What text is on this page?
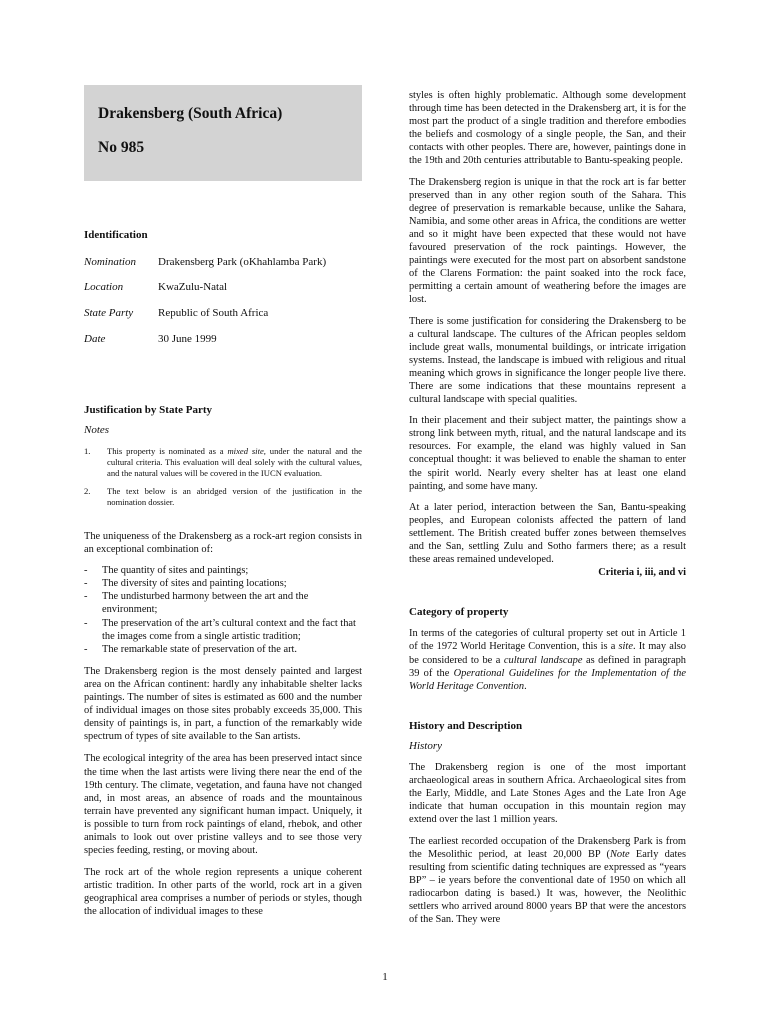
Drakensberg (South Africa)
No 985
Identification
Nomination Drakensberg Park (oKhahlamba Park)
Location	KwaZulu-Natal
State Party Republic of South Africa
Date	30 June 1999

Justification by State Party

Notes

1. This property is nominated as a mixed site, under the natural and the cultural criteria. This evaluation will deal solely with the cultural values, and the natural values will be covered in the IUCN evaluation.
2. The text below is an abridged version of the justification in the nomination dossier.

The uniqueness of the Drakensberg as a rock-art region consists in an exceptional combination of:

- The quantity of sites and paintings;
- The diversity of sites and painting locations;
- The undisturbed harmony between the art and the environment;
- The preservation of the art’s cultural context and the fact that the images come from a single artistic tradition;
- The remarkable state of preservation of the art.

The Drakensberg region is the most densely painted and largest area on the African continent: hardly any inhabitable shelter lacks paintings. The number of sites is estimated as 600 and the number of individual images on those sites probably exceeds 35,000. This density of paintings is, in part, a function of the remarkably wide spectrum of types of site available to the San artists.

The ecological integrity of the area has been preserved intact since the time when the last artists were living there near the end of the 19th century. The climate, vegetation, and fauna have not changed and, in most areas, an absence of roads and the mountainous terrain have prevented any significant human impact. Uniquely, it is possible to turn from rock paintings of eland, rhebok, and other animals to look out over pristine valleys and to see those very species feeding, resting, or moving about.

The rock art of the whole region represents a unique coherent artistic tradition. In other parts of the world, rock art in a given geographical area comprises a number of periods or styles, though the allocation of individual images to these

styles is often highly problematic. Although some development through time has been detected in the Drakensberg art, it is for the most part the product of a single tradition and therefore embodies the beliefs and cosmology of a single people, the San, and their contacts with other peoples. There are, however, paintings done in the 19th and 20th centuries attributable to Bantu-speaking people.

The Drakensberg region is unique in that the rock art is far better preserved than in any other region south of the Sahara. This degree of preservation is remarkable because, unlike the Sahara, Namibia, and some other areas in Africa, the conditions are wetter and so it might have been expected that these would not have favoured preservation of the rock paintings. However, the paintings were executed for the most part on absorbent sandstone of the Clarens Formation: the paint soaked into the rock face, permitting a certain amount of weathering before the images are lost.

There is some justification for considering the Drakensberg to be a cultural landscape. The cultures of the African peoples seldom include great walls, monumental buildings, or intricate irrigation systems. Instead, the landscape is imbued with religious and ritual meaning which grows in significance the longer people live there. There are some indications that these mountains represent a cultural landscape with special qualities.

In their placement and their subject matter, the paintings show a strong link between myth, ritual, and the natural landscape and its resources. For example, the eland was highly valued in San conceptual thought: it was believed to enable the shaman to enter the spirit world. Nearly every shelter has at least one eland painting, and some have many.

At a later period, interaction between the San, Bantu-speaking peoples, and European colonists affected the pattern of land settlement. The British created buffer zones between themselves and the San, settling Zulu and Sotho farmers there; as a result these areas remained undeveloped.

Criteria i, iii, and vi

Category of property

In terms of the categories of cultural property set out in Article 1 of the 1972 World Heritage Convention, this is a site. It may also be considered to be a cultural landscape as defined in paragraph 39 of the Operational Guidelines for the Implementation of the World Heritage Convention.

History and Description

History

The Drakensberg region is one of the most important archaeological areas in southern Africa. Archaeological sites from the Early, Middle, and Late Stones Ages and the Late Iron Age indicate that human occupation in this mountain region may extend over the last 1 million years.

The earliest recorded occupation of the Drakensberg Park is from the Mesolithic period, at least 20,000 BP (Note Early dates resulting from scientific dating techniques are expressed as “years BP” – ie years before the conventional date of 1950 on which all radiocarbon dating is based.) It was, however, the Neolithic settlers who arrived around 8000 years BP that were the ancestors of the San. They were

1
